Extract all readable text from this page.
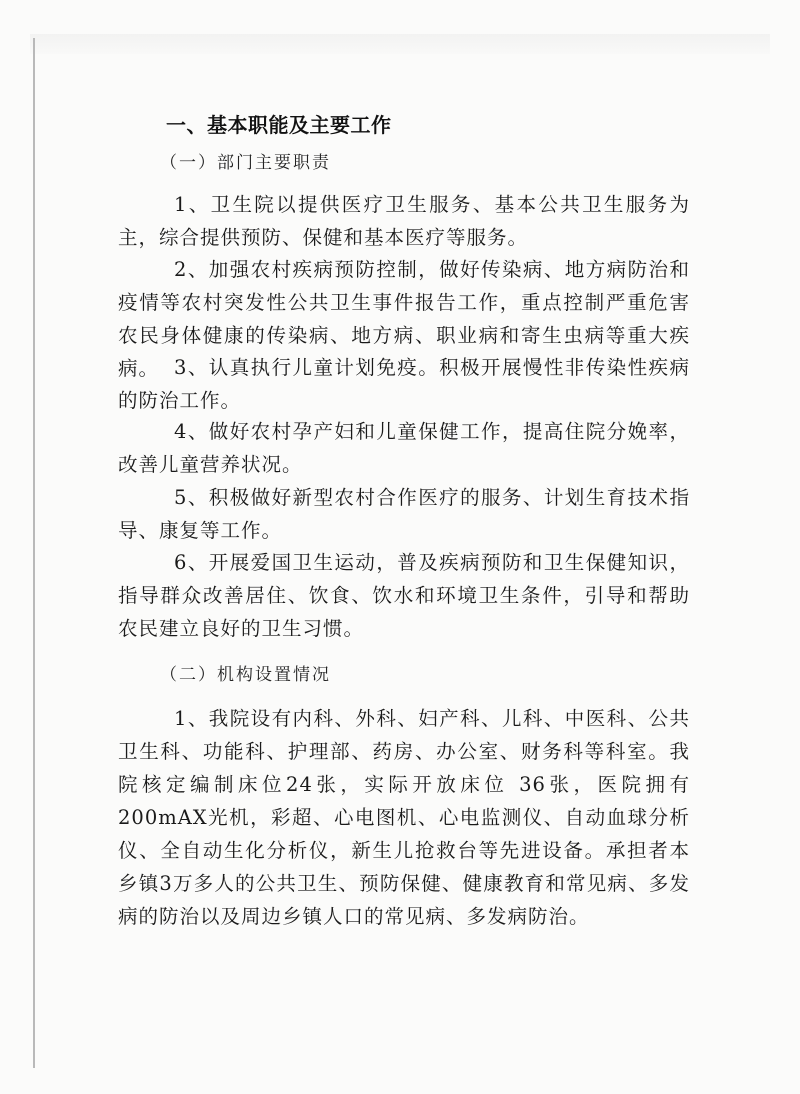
一、基本职能及主要工作
（一）部门主要职责
1、卫生院以提供医疗卫生服务、基本公共卫生服务为主，综合提供预防、保健和基本医疗等服务。
2、加强农村疾病预防控制，做好传染病、地方病防治和疫情等农村突发性公共卫生事件报告工作，重点控制严重危害农民身体健康的传染病、地方病、职业病和寄生虫病等重大疾病。 3、认真执行儿童计划免疫。积极开展慢性非传染性疾病的防治工作。
4、做好农村孕产妇和儿童保健工作，提高住院分娩率，改善儿童营养状况。
5、积极做好新型农村合作医疗的服务、计划生育技术指导、康复等工作。
6、开展爱国卫生运动，普及疾病预防和卫生保健知识，指导群众改善居住、饮食、饮水和环境卫生条件，引导和帮助农民建立良好的卫生习惯。
（二）机构设置情况
1、我院设有内科、外科、妇产科、儿科、中医科、公共卫生科、功能科、护理部、药房、办公室、财务科等科室。我院核定编制床位24张，实际开放床位 36张，医院拥有200mAX光机，彩超、心电图机、心电监测仪、自动血球分析仪、全自动生化分析仪，新生儿抢救台等先进设备。承担者本乡镇3万多人的公共卫生、预防保健、健康教育和常见病、多发病的防治以及周边乡镇人口的常见病、多发病防治。
